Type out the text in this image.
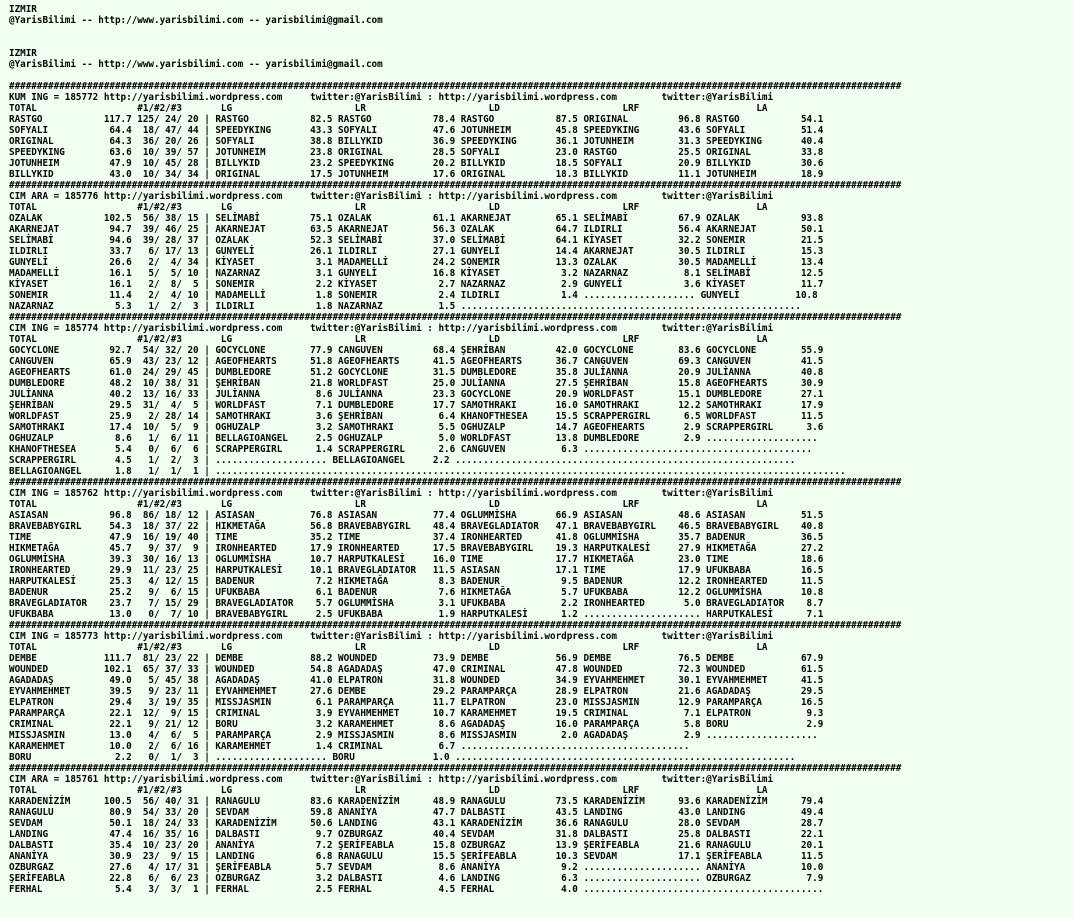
IZMIR
@YarisBilimi -- http://www.yarisbilimi.com -- yarisbilimi@gmail.com
IZMIR
@YarisBilimi -- http://www.yarisbilimi.com -- yarisbilimi@gmail.com
################################################################################################################################################################
KUM ING = 185772 http://yarisbilimi.wordpress.com     twitter:@YarisBilimi : http://yarisbilimi.wordpress.com        twitter:@YarisBilimi
TOTAL                  #1/#2/#3       LG                      LR                      LD                      LRF                     LA
RASTGO           117.7 125/ 24/ 20 | RASTGO           82.5 RASTGO           78.4 RASTGO           87.5 ORIGINAL         96.8 RASTGO           54.1
SOFYALI           64.4  18/ 47/ 44 | SPEEDYKING       43.3 SOFYALI          47.6 JOTUNHEIM        45.8 SPEEDYKING       43.6 SOFYALI          51.4
ORIGINAL          64.3  36/ 20/ 26 | SOFYALI          38.8 BILLYKID         36.9 SPEEDYKING       36.1 JOTUNHEIM        31.3 SPEEDYKING       40.4
SPEEDYKING        63.6  10/ 39/ 57 | JOTUNHEIM        23.8 ORIGINAL         28.5 SOFYALI          23.0 RASTGO           25.5 ORIGINAL         33.8
JOTUNHEIM         47.9  10/ 45/ 28 | BILLYKID         23.2 SPEEDYKING       20.2 BILLYKID         18.5 SOFYALI          20.9 BILLYKID         30.6
BILLYKID          43.0  10/ 34/ 34 | ORIGINAL         17.5 JOTUNHEIM        17.6 ORIGINAL         18.3 BILLYKID         11.1 JOTUNHEIM        18.9
################################################################################################################################################################
CIM ARA = 185776 http://yarisbilimi.wordpress.com     twitter:@YarisBilimi : http://yarisbilimi.wordpress.com        twitter:@YarisBilimi
TOTAL                  #1/#2/#3       LG                      LR                      LD                      LRF                     LA
OZALAK           102.5  56/ 38/ 15 | SELİMABİ         75.1 OZALAK           61.1 AKARNEJAT        65.1 SELİMABİ         67.9 OZALAK           93.8
AKARNEJAT         94.7  39/ 46/ 25 | AKARNEJAT        63.5 AKARNEJAT        56.3 OZALAK           64.7 ILDIRLI          56.4 AKARNEJAT        50.1
SELİMABİ          94.6  39/ 28/ 37 | OZALAK           52.3 SELİMABİ         37.0 SELİMABİ         64.1 KİYASET          32.2 SONEMIR          21.5
ILDIRLI           33.7   6/ 17/ 13 | GUNYELİ          26.1 ILDIRLI          27.1 GUNYELİ          14.4 AKARNEJAT        30.5 ILDIRLI          15.3
GUNYELİ           26.6   2/  4/ 34 | KİYASET           3.1 MADAMELLİ        24.2 SONEMIR          13.3 OZALAK           30.5 MADAMELLİ        13.4
MADAMELLİ         16.1   5/  5/ 10 | NAZARNAZ          3.1 GUNYELİ          16.8 KİYASET           3.2 NAZARNAZ          8.1 SELİMABİ         12.5
KİYASET           16.1   2/  8/  5 | SONEMIR           2.2 KİYASET           2.7 NAZARNAZ          2.9 GUNYELİ           3.6 KİYASET          11.7
SONEMIR           11.4   2/  4/ 10 | MADAMELLİ         1.8 SONEMIR           2.4 ILDIRLI           1.4 .................... GUNYELİ          10.8
NAZARNAZ           5.3   1/  2/  3 | ILDIRLI           1.8 NAZARNAZ          1.5 .............................................................
################################################################################################################################################################
CIM ING = 185774 http://yarisbilimi.wordpress.com     twitter:@YarisBilimi : http://yarisbilimi.wordpress.com        twitter:@YarisBilimi
TOTAL                  #1/#2/#3       LG                      LR                      LD                      LRF                     LA
GOCYCLONE         92.7  54/ 32/ 20 | GOCYCLONE        77.9 CANGUVEN         68.4 ŞEHRİBAN         42.0 GOCYCLONE        83.6 GOCYCLONE        55.9
CANGUVEN          65.9  43/ 23/ 12 | AGEOFHEARTS      51.8 AGEOFHEARTS      41.5 AGEOFHEARTS      36.7 CANGUVEN         69.3 CANGUVEN         41.5
AGEOFHEARTS       61.0  24/ 29/ 45 | DUMBLEDORE       51.2 GOCYCLONE        31.5 DUMBLEDORE       35.8 JULİANNA         20.9 JULİANNA         40.8
DUMBLEDORE        48.2  10/ 38/ 31 | ŞEHRİBAN         21.8 WORLDFAST        25.0 JULİANNA         27.5 ŞEHRİBAN         15.8 AGEOFHEARTS      30.9
JULİANNA          40.2  13/ 16/ 33 | JULİANNA          8.6 JULİANNA         23.3 GOCYCLONE        20.9 WORLDFAST        15.1 DUMBLEDORE       27.1
ŞEHRİBAN          29.5  31/  4/  5 | WORLDFAST         7.1 DUMBLEDORE       17.7 SAMOTHRAKI       16.0 SAMOTHRAKI       12.2 SAMOTHRAKI       17.9
WORLDFAST         25.9   2/ 28/ 14 | SAMOTHRAKI        3.6 ŞEHRİBAN          6.4 KHANOFTHESEA     15.5 SCRAPPERGIRL      6.5 WORLDFAST        11.5
SAMOTHRAKI        17.4  10/  5/  9 | OGHUZALP          3.2 SAMOTHRAKI        5.5 OGHUZALP         14.7 AGEOFHEARTS       2.9 SCRAPPERGIRL      3.6
OGHUZALP           8.6   1/  6/ 11 | BELLAGIOANGEL     2.5 OGHUZALP          5.0 WORLDFAST        13.8 DUMBLEDORE        2.9 ....................
KHANOFTHESEA       5.4   0/  6/  6 | SCRAPPERGIRL      1.4 SCRAPPERGIRL      2.6 CANGUVEN          6.3 .........................................
SCRAPPERGIRL       4.5   1/  2/  3 | .................... BELLAGIOANGEL     2.2 .............................................................
BELLAGIOANGEL      1.8   1/  1/  1 | .................................................................................................................
################################################################################################################################################################
CIM ING = 185762 http://yarisbilimi.wordpress.com     twitter:@YarisBilimi : http://yarisbilimi.wordpress.com        twitter:@YarisBilimi
TOTAL                  #1/#2/#3       LG                      LR                      LD                      LRF                     LA
ASIASAN           96.8  86/ 18/ 12 | ASIASAN          76.8 ASIASAN          77.4 OGLUMMİSHA       66.9 ASIASAN          48.6 ASIASAN          51.5
BRAVEBABYGIRL     54.3  18/ 37/ 22 | HIKMETAĞA        56.8 BRAVEBABYGIRL    48.4 BRAVEGLADIATOR   47.1 BRAVEBABYGIRL    46.5 BRAVEBABYGIRL    40.8
TIME              47.9  16/ 19/ 40 | TIME             35.2 TIME             37.4 IRONHEARTED      41.8 OGLUMMİSHA       35.7 BADENUR          36.5
HIKMETAĞA         45.7   9/ 37/  9 | IRONHEARTED      17.9 IRONHEARTED      17.5 BRAVEBABYGIRL    19.3 HARPUTKALESİ     27.9 HIKMETAĞA        27.2
OGLUMMİSHA        39.3  30/ 16/ 13 | OGLUMMİSHA       10.7 HARPUTKALESİ     16.0 TIME             17.7 HIKMETAĞA        23.0 TIME             18.6
IRONHEARTED       29.9  11/ 23/ 25 | HARPUTKALESİ     10.1 BRAVEGLADIATOR   11.5 ASIASAN          17.1 TIME             17.9 UFUKBABA         16.5
HARPUTKALESİ      25.3   4/ 12/ 15 | BADENUR           7.2 HIKMETAĞA         8.3 BADENUR           9.5 BADENUR          12.2 IRONHEARTED      11.5
BADENUR           25.2   9/  6/ 15 | UFUKBABA          6.1 BADENUR           7.6 HIKMETAĞA         5.7 UFUKBABA         12.2 OGLUMMİSHA       10.8
BRAVEGLADIATOR    23.7   7/ 15/ 29 | BRAVEGLADIATOR    5.7 OGLUMMİSHA        3.1 UFUKBABA          2.2 IRONHEARTED       5.0 BRAVEGLADIATOR    8.7
UFUKBABA          13.0   0/  7/ 10 | BRAVEBABYGIRL     2.5 UFUKBABA          1.9 HARPUTKALESİ      1.2 ..................... HARPUTKALESİ      7.1
################################################################################################################################################################
CIM ING = 185773 http://yarisbilimi.wordpress.com     twitter:@YarisBilimi : http://yarisbilimi.wordpress.com        twitter:@YarisBilimi
TOTAL                  #1/#2/#3       LG                      LR                      LD                      LRF                     LA
DEMBE            111.7  81/ 23/ 22 | DEMBE            88.2 WOUNDED          73.9 DEMBE            56.9 DEMBE            76.5 DEMBE            67.9
WOUNDED          102.1  65/ 37/ 33 | WOUNDED          54.8 AGADADAŞ         47.0 CRIMINAL         47.8 WOUNDED          72.3 WOUNDED          61.5
AGADADAŞ          49.0   5/ 45/ 38 | AGADADAŞ         41.0 ELPATRON         31.8 WOUNDED          34.9 EYVAHMEHMET      30.1 EYVAHMEHMET      41.5
EYVAHMEHMET       39.5   9/ 23/ 11 | EYVAHMEHMET      27.6 DEMBE            29.2 PARAMPARÇA       28.9 ELPATRON         21.6 AGADADAŞ         29.5
ELPATRON          29.4   3/ 19/ 35 | MISSJASMIN        6.1 PARAMPARÇA       11.7 ELPATRON         23.0 MISSJASMIN       12.9 PARAMPARÇA       16.5
PARAMPARÇA        22.1  12/  9/ 15 | CRIMINAL          3.9 EYVAHMEHMET      10.7 KARAMEHMET       19.5 CRIMINAL          7.1 ELPATRON          9.3
CRIMINAL          22.1   9/ 21/ 12 | BORU              3.2 KARAMEHMET        8.6 AGADADAŞ         16.0 PARAMPARÇA        5.8 BORU              2.9
MISSJASMIN        13.0   4/  6/  5 | PARAMPARÇA        2.9 MISSJASMIN        8.6 MISSJASMIN        2.0 AGADADAŞ          2.9 ....................
KARAMEHMET        10.0   2/  6/ 16 | KARAMEHMET        1.4 CRIMINAL          6.7 .........................................
BORU               2.2   0/  1/  3 | .................... BORU              1.0 .............................................................
################################################################################################################################################################
CIM ARA = 185761 http://yarisbilimi.wordpress.com     twitter:@YarisBilimi : http://yarisbilimi.wordpress.com        twitter:@YarisBilimi
TOTAL                  #1/#2/#3       LG                      LR                      LD                      LRF                     LA
KARADENİZİM      100.5  56/ 40/ 31 | RANAGULU         83.6 KARADENİZİM      48.9 RANAGULU         73.5 KARADENİZİM      93.6 KARADENİZİM      79.4
RANAGULU          80.9  54/ 33/ 20 | SEVDAM           59.8 ANANİYA          47.7 DALBASTI         43.5 LANDING          43.0 LANDING          49.4
SEVDAM            50.1  18/ 24/ 33 | KARADENİZİM      50.6 LANDING          43.1 KARADENİZİM      36.6 RANAGULU         28.0 SEVDAM           28.7
LANDING           47.4  16/ 35/ 16 | DALBASTI          9.7 OZBURGAZ         40.4 SEVDAM           31.8 DALBASTI         25.8 DALBASTI         22.1
DALBASTI          35.4  10/ 23/ 20 | ANANİYA           7.2 ŞERİFEABLA       15.8 OZBURGAZ         13.9 ŞERİFEABLA       21.6 RANAGULU         20.1
ANANİYA           30.9  23/  9/ 15 | LANDING           6.8 RANAGULU         15.5 ŞERİFEABLA       10.3 SEVDAM           17.1 ŞERİFEABLA       11.5
OZBURGAZ          27.6   4/ 17/ 31 | ŞERİFEABLA        5.7 SEVDAM            8.6 ANANİYA           9.2 ..................... ANANİYA          10.0
ŞERİFEABLA        22.8   6/  6/ 23 | OZBURGAZ          3.2 DALBASTI          4.6 LANDING           6.3 ..................... OZBURGAZ          7.9
FERHAL             5.4   3/  3/  1 | FERHAL            2.5 FERHAL            4.5 FERHAL            4.0 ...........................................
